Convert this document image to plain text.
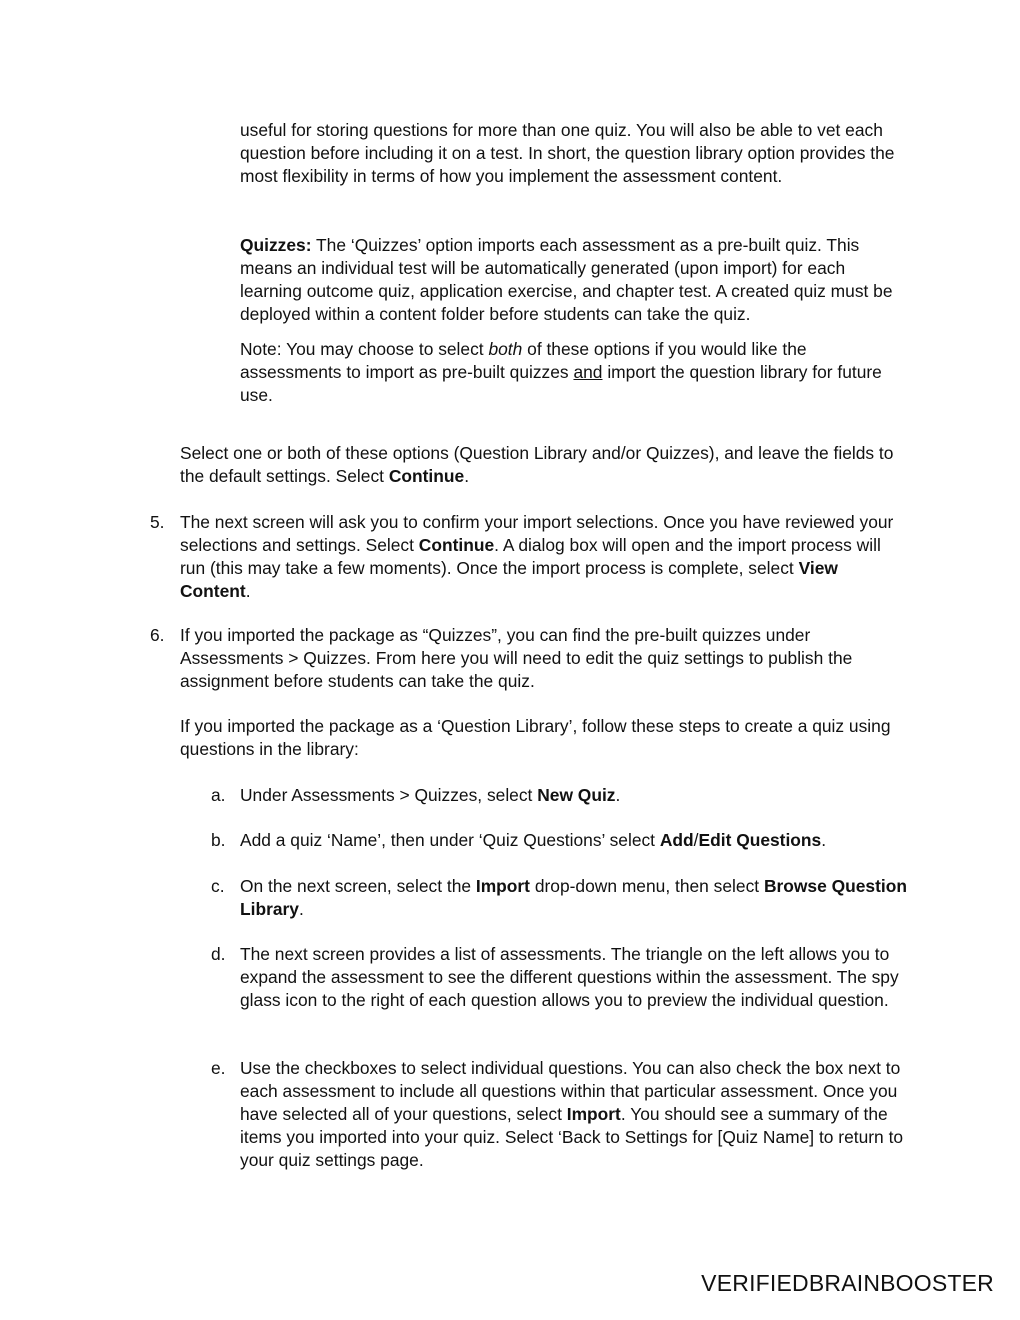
useful for storing questions for more than one quiz. You will also be able to vet each question before including it on a test. In short, the question library option provides the most flexibility in terms of how you implement the assessment content.

Quizzes: The ‘Quizzes’ option imports each assessment as a pre-built quiz. This means an individual test will be automatically generated (upon import) for each learning outcome quiz, application exercise, and chapter test. A created quiz must be deployed within a content folder before students can take the quiz.

Note: You may choose to select both of these options if you would like the assessments to import as pre-built quizzes and import the question library for future use.

Select one or both of these options (Question Library and/or Quizzes), and leave the fields to the default settings. Select Continue.

5. The next screen will ask you to confirm your import selections. Once you have reviewed your selections and settings. Select Continue. A dialog box will open and the import process will run (this may take a few moments). Once the import process is complete, select View Content.

6. If you imported the package as “Quizzes”, you can find the pre-built quizzes under Assessments > Quizzes. From here you will need to edit the quiz settings to publish the assignment before students can take the quiz.

If you imported the package as a ‘Question Library’, follow these steps to create a quiz using questions in the library:

a. Under Assessments > Quizzes, select New Quiz.

b. Add a quiz ‘Name’, then under ‘Quiz Questions’ select Add/Edit Questions.

c. On the next screen, select the Import drop-down menu, then select Browse Question Library.

d. The next screen provides a list of assessments. The triangle on the left allows you to expand the assessment to see the different questions within the assessment. The spy glass icon to the right of each question allows you to preview the individual question.

e. Use the checkboxes to select individual questions. You can also check the box next to each assessment to include all questions within that particular assessment. Once you have selected all of your questions, select Import. You should see a summary of the items you imported into your quiz. Select ‘Back to Settings for [Quiz Name] to return to your quiz settings page.

VERIFIEDBRAINBOOSTER
